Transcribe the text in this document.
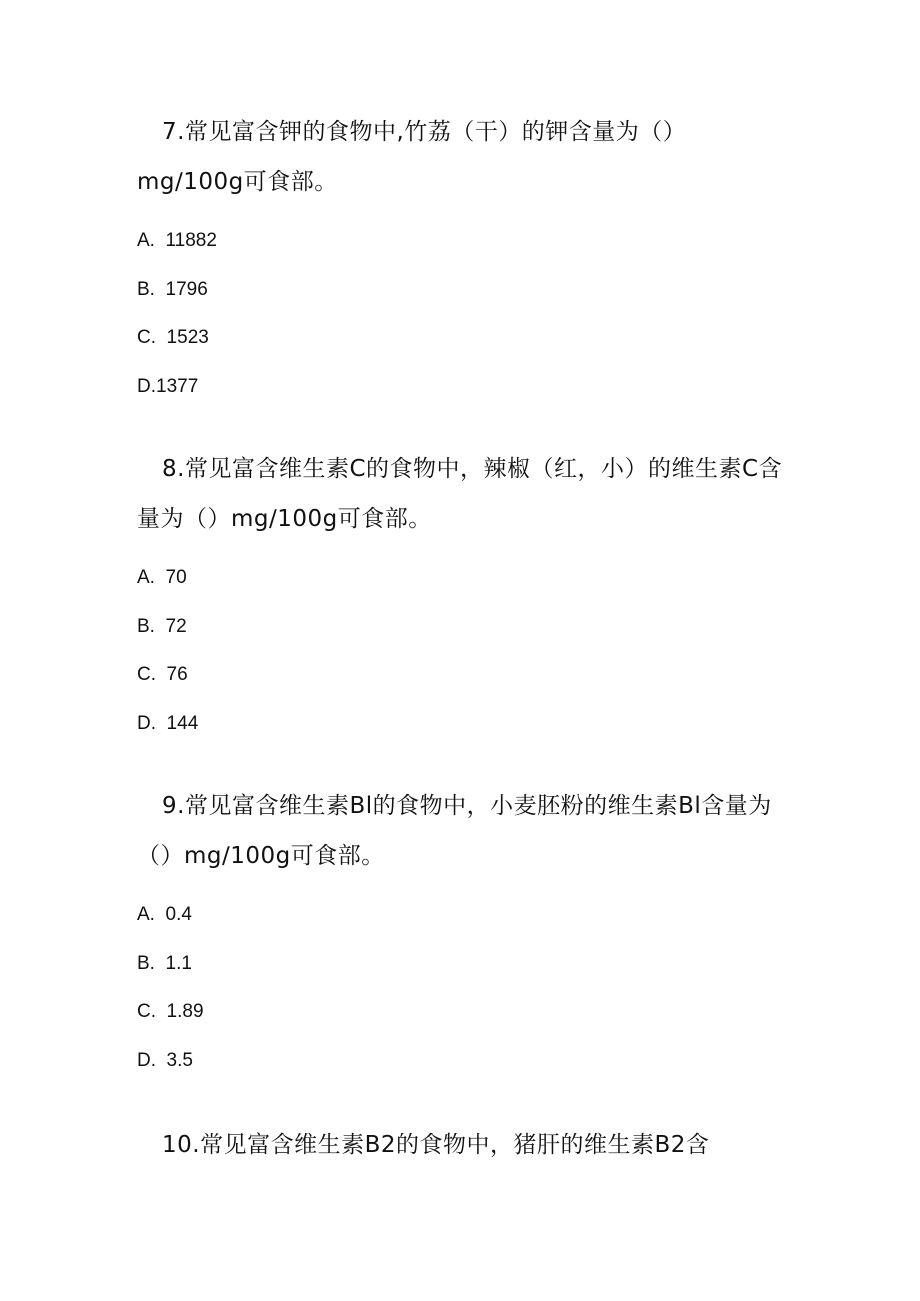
7.常见富含钾的食物中,竹荔（干）的钾含量为（）mg∕100g可食部。

A.  11882
B.  1796
C.  1523
D.1377

8.常见富含维生素C的食物中，辣椒（红，小）的维生素C含量为（）mg∕100g可食部。

A.  70
B.  72
C.  76
D.  144

9.常见富含维生素Bl的食物中，小麦胚粉的维生素Bl含量为（）mg∕100g可食部。

A.  0.4
B.  1.1
C.  1.89
D.  3.5

10.常见富含维生素B2的食物中，猪肝的维生素B2含
